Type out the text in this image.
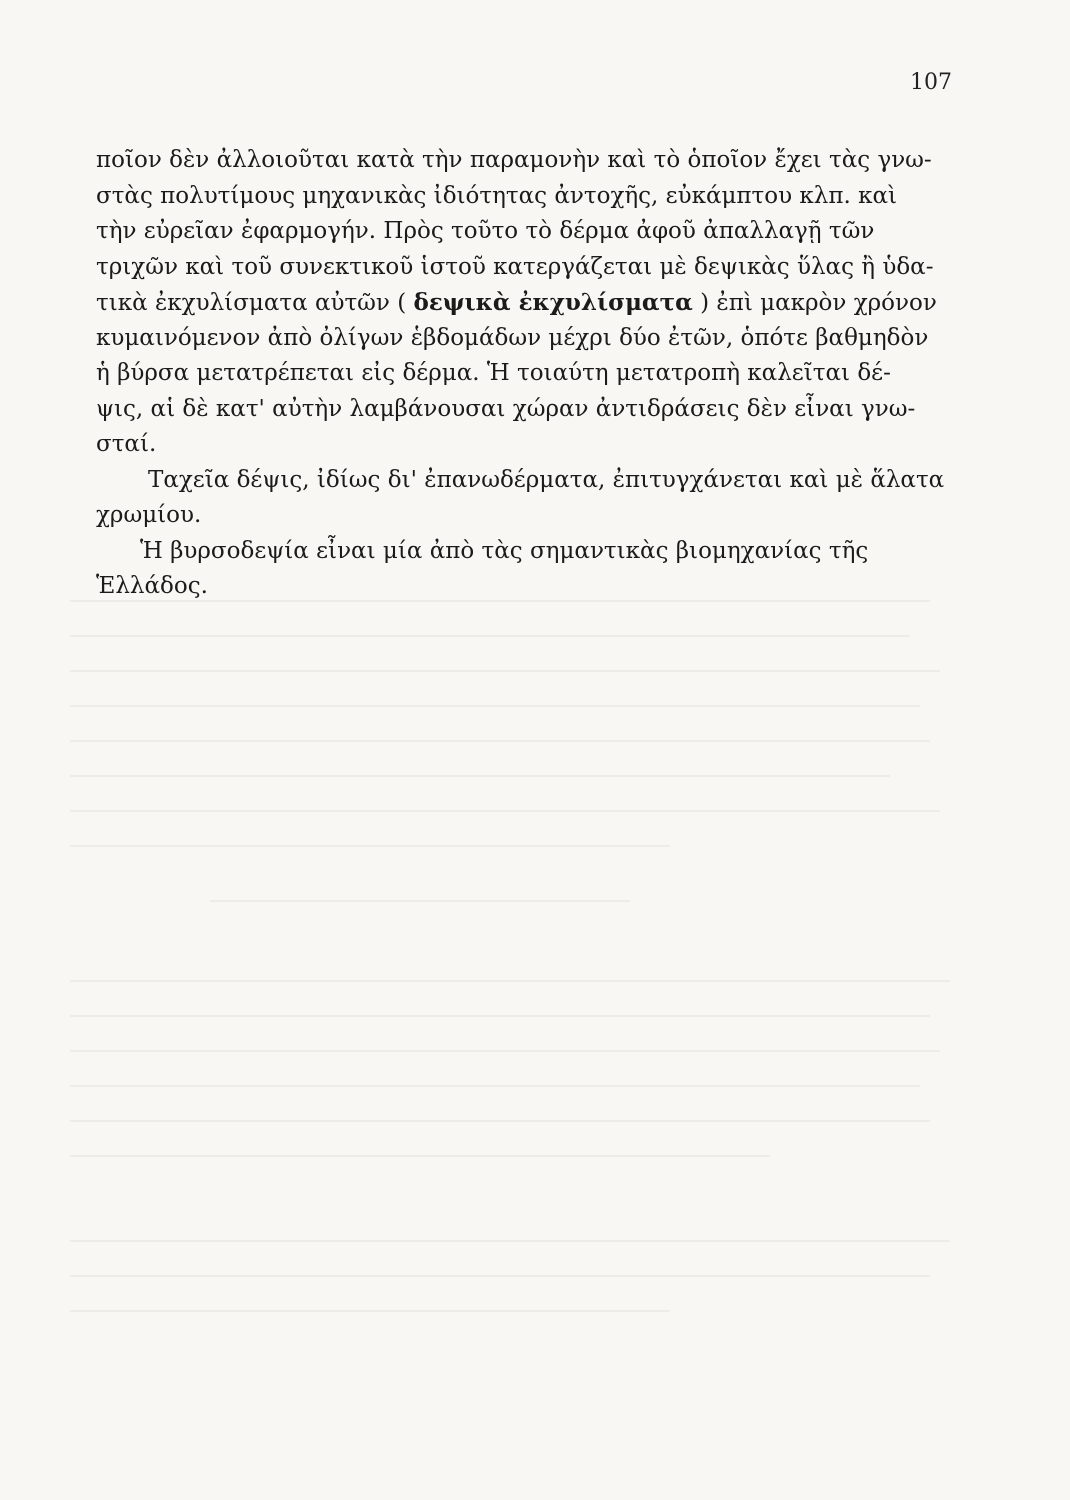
107
ποῖον δὲν ἀλλοιοῦται κατὰ τὴν παραμονὴν καὶ τὸ ὁποῖον ἔχει τὰς γνω-
στὰς πολυτίμους μηχανικὰς ἰδιότητας ἀντοχῆς, εὐκάμπτου κλπ. καὶ
τὴν εὐρεῖαν ἐφαρμογήν. Πρὸς τοῦτο τὸ δέρμα ἀφοῦ ἀπαλλαγῇ τῶν
τριχῶν καὶ τοῦ συνεκτικοῦ ἱστοῦ κατεργάζεται μὲ δεψικὰς ὕλας ἢ ὑδα-
τικὰ ἐκχυλίσματα αὐτῶν ( δεψικὰ ἐκχυλίσματα ) ἐπὶ μακρὸν χρόνον
κυμαινόμενον ἀπὸ ὀλίγων ἑβδομάδων μέχρι δύο ἐτῶν, ὁπότε βαθμηδὸν
ἡ βύρσα μετατρέπεται εἰς δέρμα. Ἡ τοιαύτη μετατροπὴ καλεῖται δέ-
ψις, αἱ δὲ κατ' αὐτὴν λαμβάνουσαι χώραν ἀντιδράσεις δὲν εἶναι γνω-
σταί.
Ταχεῖα δέψις, ἰδίως δι' ἐπανωδέρματα, ἐπιτυγχάνεται καὶ μὲ ἅλατα
χρωμίου.
Ἡ βυρσοδεψία εἶναι μία ἀπὸ τὰς σημαντικὰς βιομηχανίας τῆς
Ἑλλάδος.
